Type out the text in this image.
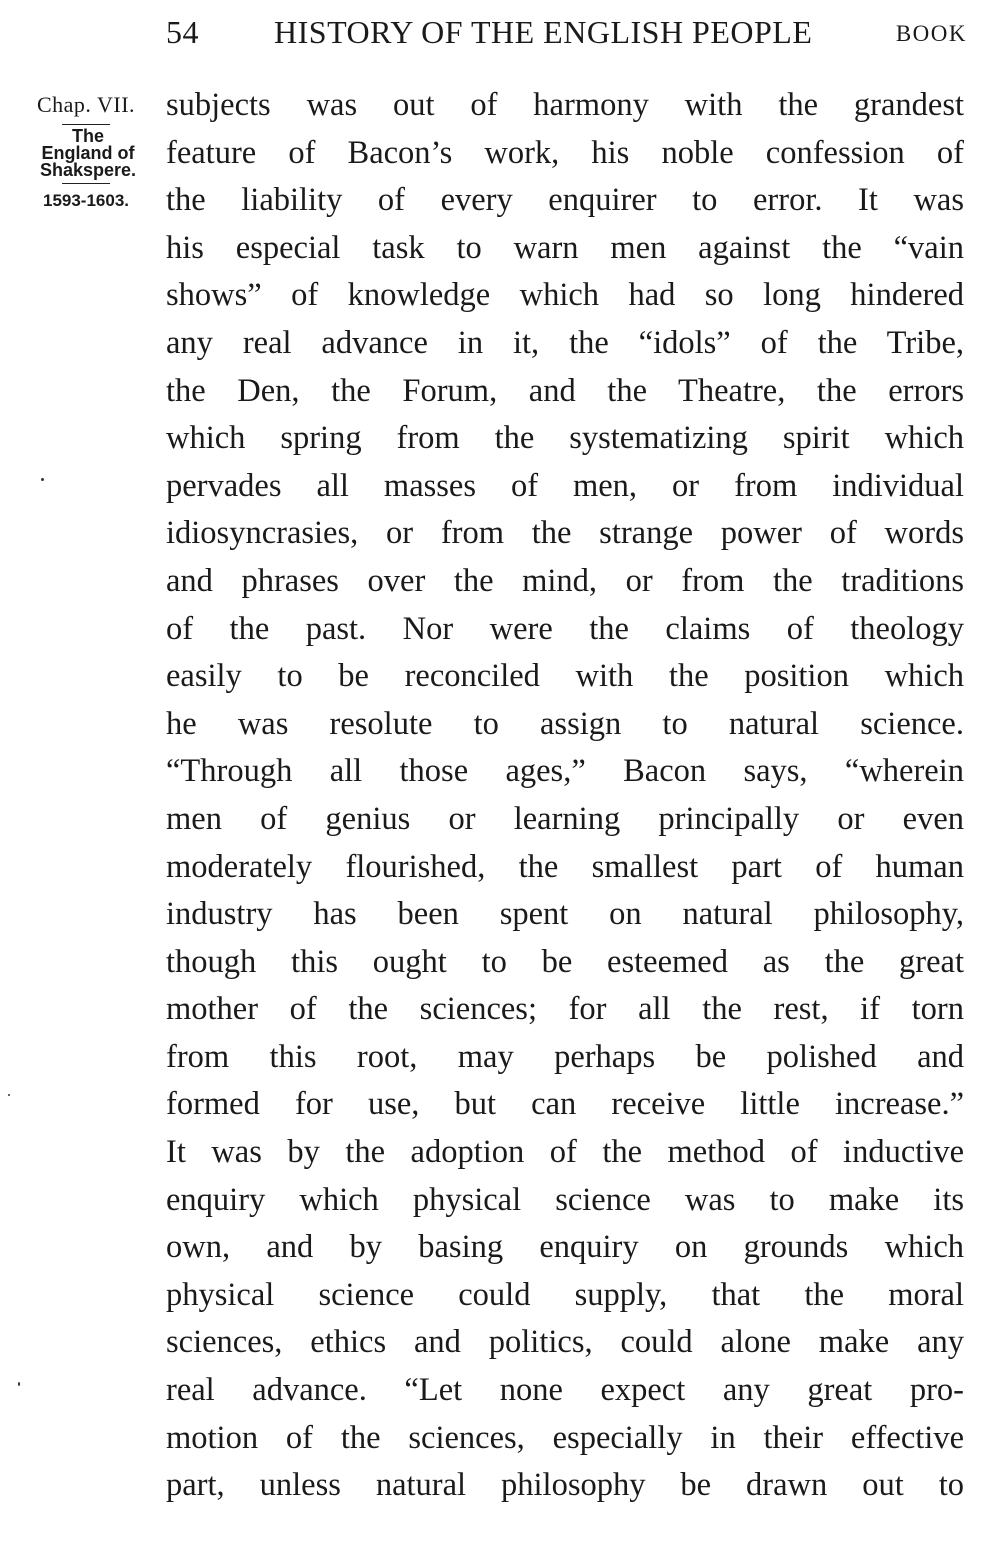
54 HISTORY OF THE ENGLISH PEOPLE	BOOK
Chap. VII.
The
England of
Shakspere.
1593-1603.
subjects was out of harmony with the grandest
feature of Bacon’s work, his noble confession of
the liability of every enquirer to error. It was
his especial task to warn men against the “vain
shows” of knowledge which had so long hindered
any real advance in it, the “idols” of the Tribe,
the Den, the Forum, and the Theatre, the errors
which spring from the systematizing spirit which
pervades all masses of men, or from individual
idiosyncrasies, or from the strange power of words
and phrases over the mind, or from the traditions
of the past. Nor were the claims of theology
easily to be reconciled with the position which
he was resolute to assign to natural science.
“Through all those ages,” Bacon says, “wherein
men of genius or learning principally or even
moderately flourished, the smallest part of human
industry has been spent on natural philosophy,
though this ought to be esteemed as the great
mother of the sciences; for all the rest, if torn
from this root, may perhaps be polished and
formed for use, but can receive little increase.”
It was by the adoption of the method of inductive
enquiry which physical science was to make its
own, and by basing enquiry on grounds which
physical science could supply, that the moral
sciences, ethics and politics, could alone make any
real advance. “Let none expect any great pro-
motion of the sciences, especially in their effective
part, unless natural philosophy be drawn out to
